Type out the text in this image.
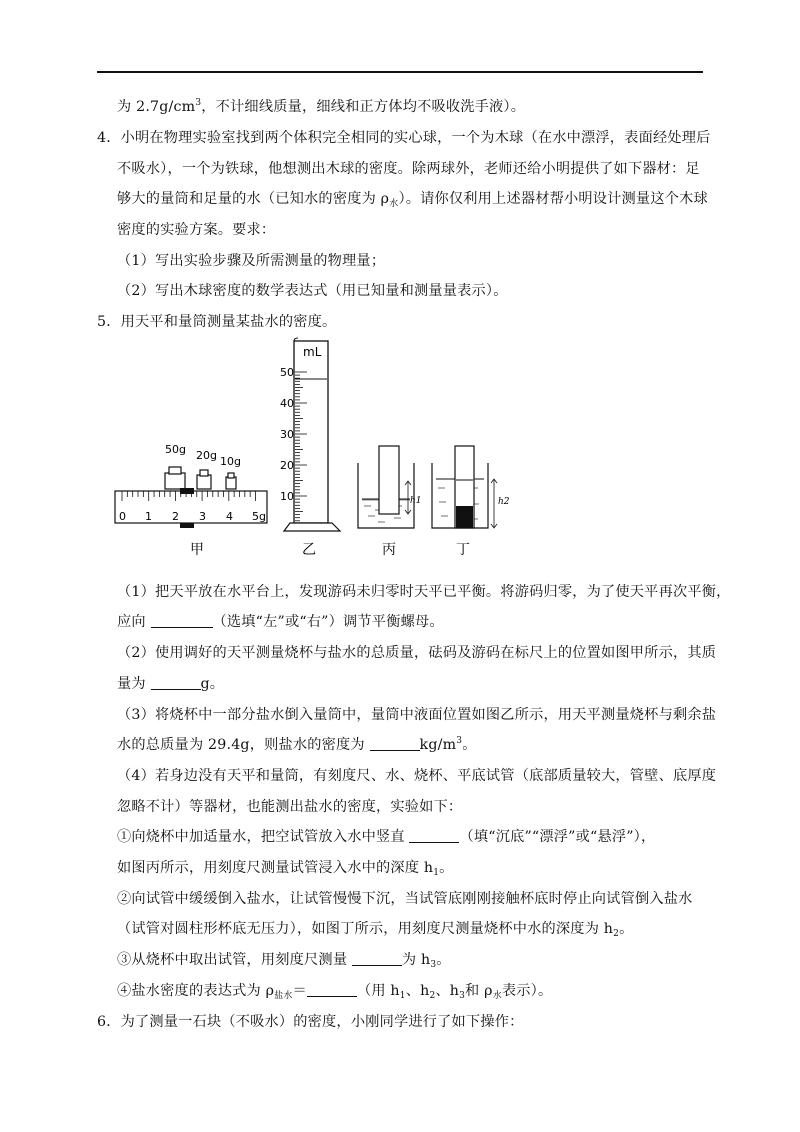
为 $2.7g/cm^3$，不计细线质量，细线和正方体均不吸收洗手液）。
4．小明在物理实验室找到两个体积完全相同的实心球，一个为木球（在水中漂浮，表面经处理后
不吸水），一个为铁球，他想测出木球的密度。除两球外，老师还给小明提供了如下器材：足
够大的量筒和足量的水（已知水的密度为 $\rho_水$）。请你仅利用上述器材帮小明设计测量这个木球
密度的实验方案。要求：
（1）写出实验步骤及所需测量的物理量；
（2）写出木球密度的数学表达式（用已知量和测量量表示）。
5．用天平和量筒测量某盐水的密度。
（1）把天平放在水平台上，发现游码未归零时天平已平衡。将游码归零，为了使天平再次平衡，
应向	（选填“左”或“右”）调节平衡螺母。
（2）使用调好的天平测量烧杯与盐水的总质量，砝码及游码在标尺上的位置如图甲所示，其质
量为	g。
（3）将烧杯中一部分盐水倒入量筒中，量筒中液面位置如图乙所示，用天平测量烧杯与剩余盐
水的总质量为 29.4g，则盐水的密度为	$kg/m^3$。
（4）若身边没有天平和量筒，有刻度尺、水、烧杯、平底试管（底部质量较大，管壁、底厚度
忽略不计）等器材，也能测出盐水的密度，实验如下：
①向烧杯中加适量水，把空试管放入水中竖直	（填“沉底”“漂浮”或“悬浮”），
如图丙所示，用刻度尺测量试管浸入水中的深度 $h_1$。
②向试管中缓缓倒入盐水，让试管慢慢下沉，当试管底刚刚接触杯底时停止向试管倒入盐水
（试管对圆柱形杯底无压力），如图丁所示，用刻度尺测量烧杯中水的深度为 $h_2$。
③从烧杯中取出试管，用刻度尺测量	为 $h_3$。
④盐水密度的表达式为 $\rho_{盐水}=$	（用 $h_1$、$h_2$、$h_3$和 $\rho_水$表示）。
6．为了测量一石块（不吸水）的密度，小刚同学进行了如下操作：
50g 20g 10g
0 1 2 3 4 5g
甲
mL
50
40
30
20
10
乙
h1
丙
h2
丁
